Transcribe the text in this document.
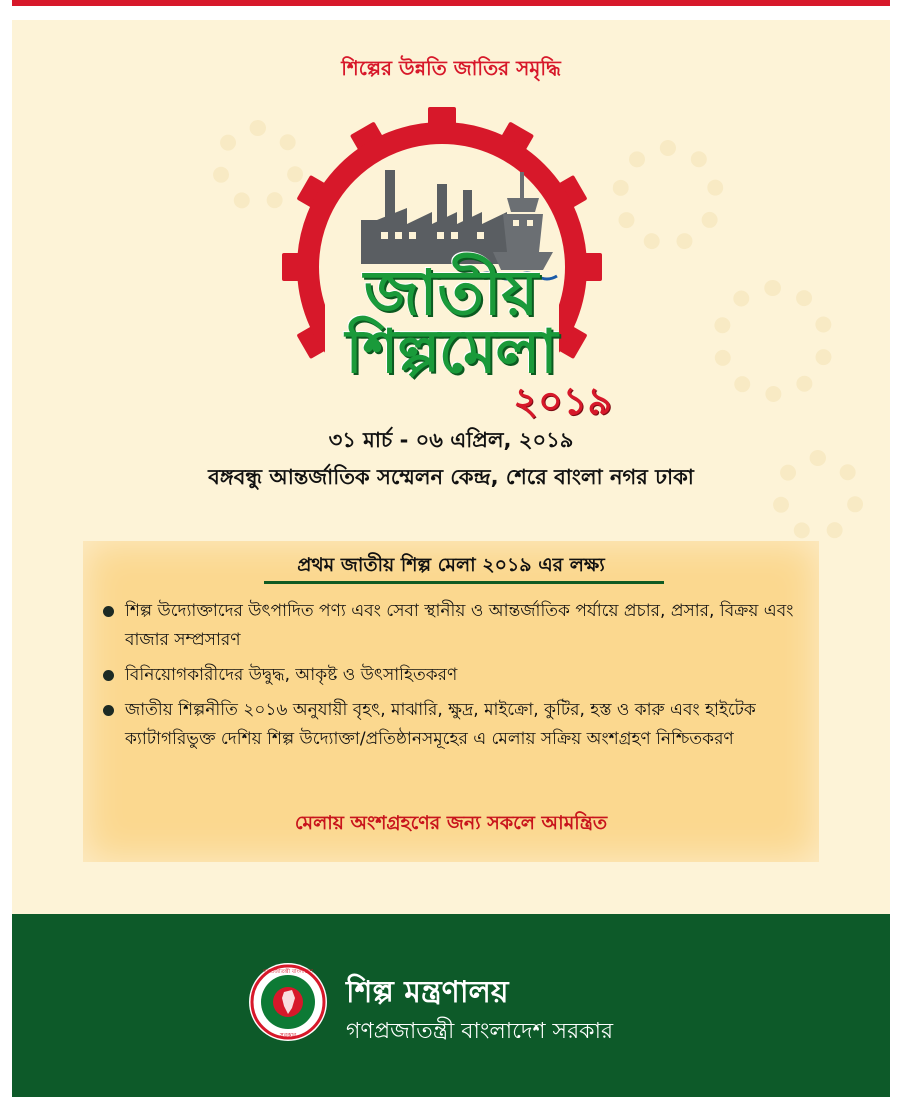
শিল্পের উন্নতি জাতির সমৃদ্ধি
জাতীয়
শিল্পমেলা
২০১৯
৩১ মার্চ - ০৬ এপ্রিল, ২০১৯
বঙ্গবন্ধু আন্তর্জাতিক সম্মেলন কেন্দ্র, শেরে বাংলা নগর ঢাকা
প্রথম জাতীয় শিল্প মেলা ২০১৯ এর লক্ষ্য
শিল্প উদ্যোক্তাদের উৎপাদিত পণ্য এবং সেবা স্থানীয় ও আন্তর্জাতিক পর্যায়ে প্রচার, প্রসার, বিক্রয় এবং বাজার সম্প্রসারণ
বিনিয়োগকারীদের উদ্বুদ্ধ, আকৃষ্ট ও উৎসাহিতকরণ
জাতীয় শিল্পনীতি ২০১৬ অনুযায়ী বৃহৎ, মাঝারি, ক্ষুদ্র, মাইক্রো, কুটির, হস্ত ও কারু এবং হাইটেক ক্যাটাগরিভুক্ত দেশিয় শিল্প উদ্যোক্তা/প্রতিষ্ঠানসমূহের এ মেলায় সক্রিয় অংশগ্রহণ নিশ্চিতকরণ
মেলায় অংশগ্রহণের জন্য সকলে আমন্ত্রিত
গণপ্রজাতন্ত্রী বাংলাদেশ
সরকার
শিল্প মন্ত্রণালয়
গণপ্রজাতন্ত্রী বাংলাদেশ সরকার
